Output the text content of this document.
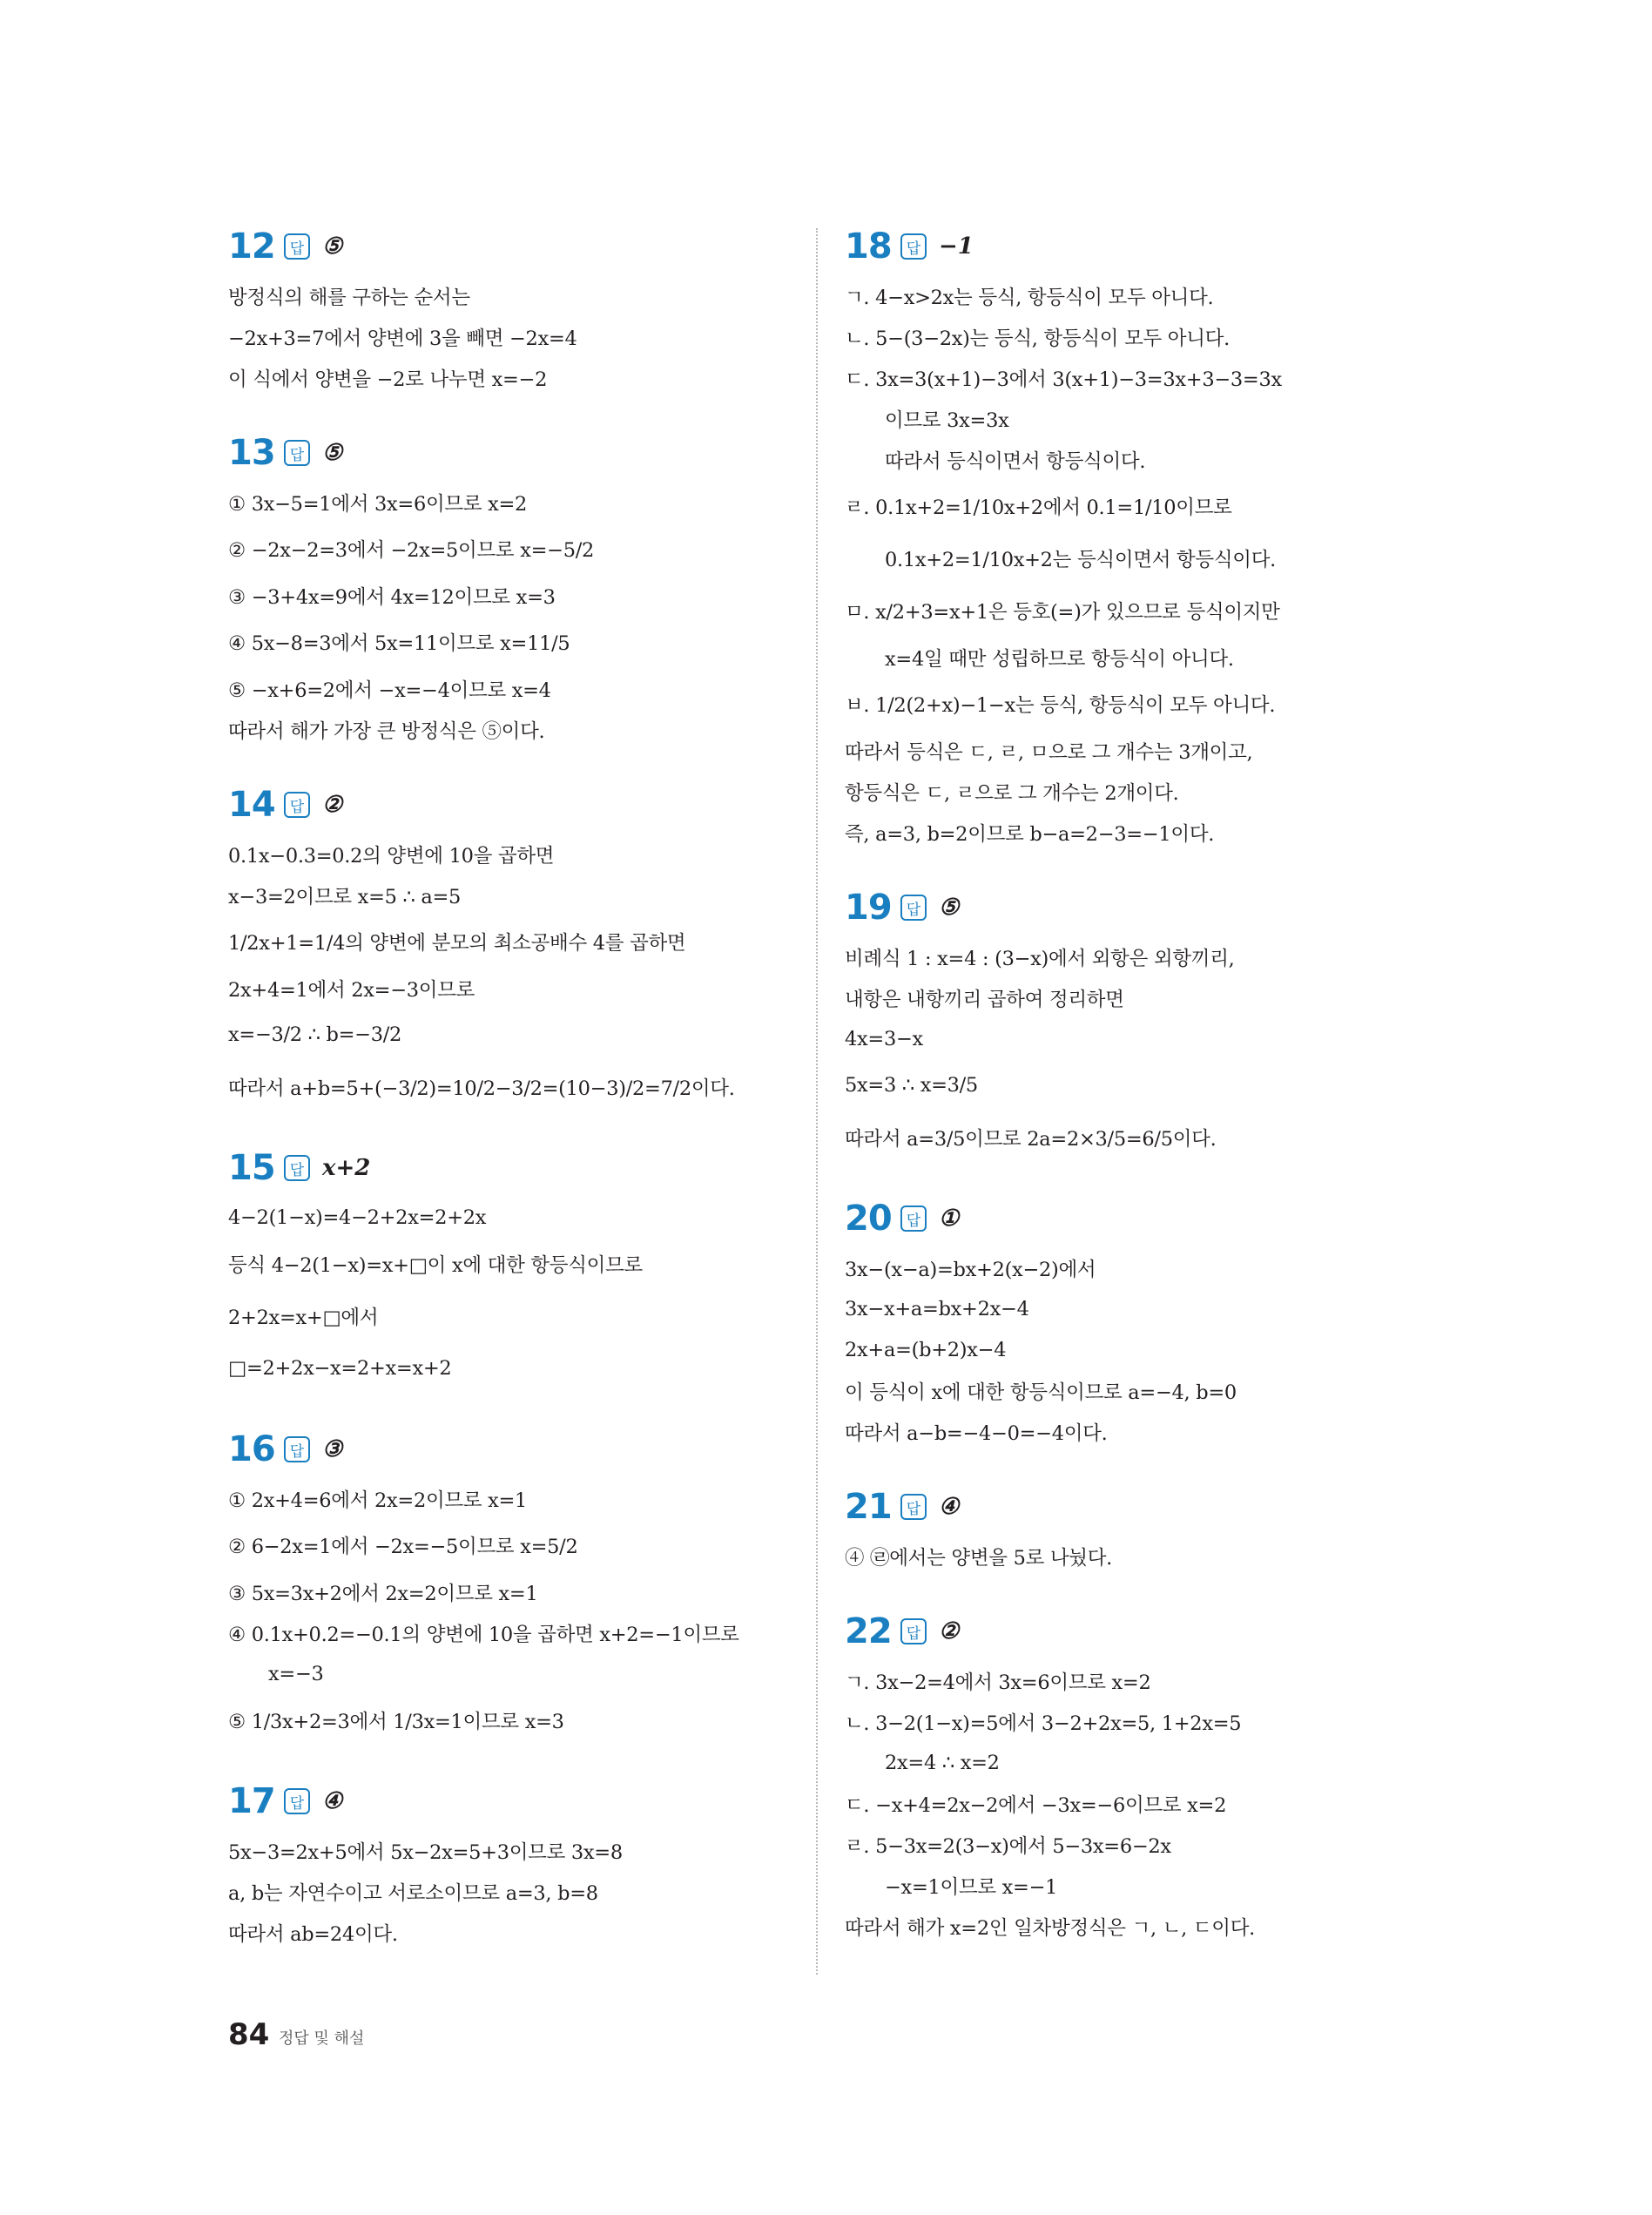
12	답 ⑤
방정식의 해를 구하는 순서는
−2x+3=7에서 양변에 3을 빼면 −2x=4
이 식에서 양변을 −2로 나누면 x=−2
13	답 ⑤
① 3x−5=1에서 3x=6이므로 x=2
② −2x−2=3에서 −2x=5이므로 x=−5/2
③ −3+4x=9에서 4x=12이므로 x=3
④ 5x−8=3에서 5x=11이므로 x=11/5
⑤ −x+6=2에서 −x=−4이므로 x=4
따라서 해가 가장 큰 방정식은 ⑤이다.
14	답 ②
0.1x−0.3=0.2의 양변에 10을 곱하면
x−3=2이므로 x=5 ∴ a=5
1/2x+1=1/4의 양변에 분모의 최소공배수 4를 곱하면
2x+4=1에서 2x=−3이므로
x=−3/2 ∴ b=−3/2
따라서 a+b=5+(−3/2)=10/2−3/2=(10−3)/2=7/2이다.
15	답 x+2
4−2(1−x)=4−2+2x=2+2x
등식 4−2(1−x)=x+□이 x에 대한 항등식이므로
2+2x=x+□에서
□=2+2x−x=2+x=x+2
16	답 ③
① 2x+4=6에서 2x=2이므로 x=1
② 6−2x=1에서 −2x=−5이므로 x=5/2
③ 5x=3x+2에서 2x=2이므로 x=1
④ 0.1x+0.2=−0.1의 양변에 10을 곱하면 x+2=−1이므로
x=−3
⑤ 1/3x+2=3에서 1/3x=1이므로 x=3
17	답 ④
5x−3=2x+5에서 5x−2x=5+3이므로 3x=8
a, b는 자연수이고 서로소이므로 a=3, b=8
따라서 ab=24이다.
18	답 −1
ㄱ. 4−x>2x는 등식, 항등식이 모두 아니다.
ㄴ. 5−(3−2x)는 등식, 항등식이 모두 아니다.
ㄷ. 3x=3(x+1)−3에서 3(x+1)−3=3x+3−3=3x
이므로 3x=3x
따라서 등식이면서 항등식이다.
ㄹ. 0.1x+2=1/10x+2에서 0.1=1/10이므로
0.1x+2=1/10x+2는 등식이면서 항등식이다.
ㅁ. x/2+3=x+1은 등호(=)가 있으므로 등식이지만
x=4일 때만 성립하므로 항등식이 아니다.
ㅂ. 1/2(2+x)−1−x는 등식, 항등식이 모두 아니다.
따라서 등식은 ㄷ, ㄹ, ㅁ으로 그 개수는 3개이고,
항등식은 ㄷ, ㄹ으로 그 개수는 2개이다.
즉, a=3, b=2이므로 b−a=2−3=−1이다.
19	답 ⑤
비례식 1 : x=4 : (3−x)에서 외항은 외항끼리,
내항은 내항끼리 곱하여 정리하면
4x=3−x
5x=3 ∴ x=3/5
따라서 a=3/5이므로 2a=2×3/5=6/5이다.
20	답 ①
3x−(x−a)=bx+2(x−2)에서
3x−x+a=bx+2x−4
2x+a=(b+2)x−4
이 등식이 x에 대한 항등식이므로 a=−4, b=0
따라서 a−b=−4−0=−4이다.
21	답 ④
④ ㉣에서는 양변을 5로 나눴다.
22	답 ②
ㄱ. 3x−2=4에서 3x=6이므로 x=2
ㄴ. 3−2(1−x)=5에서 3−2+2x=5, 1+2x=5
2x=4 ∴ x=2
ㄷ. −x+4=2x−2에서 −3x=−6이므로 x=2
ㄹ. 5−3x=2(3−x)에서 5−3x=6−2x
−x=1이므로 x=−1
따라서 해가 x=2인 일차방정식은 ㄱ, ㄴ, ㄷ이다.
84 정답 및 해설
